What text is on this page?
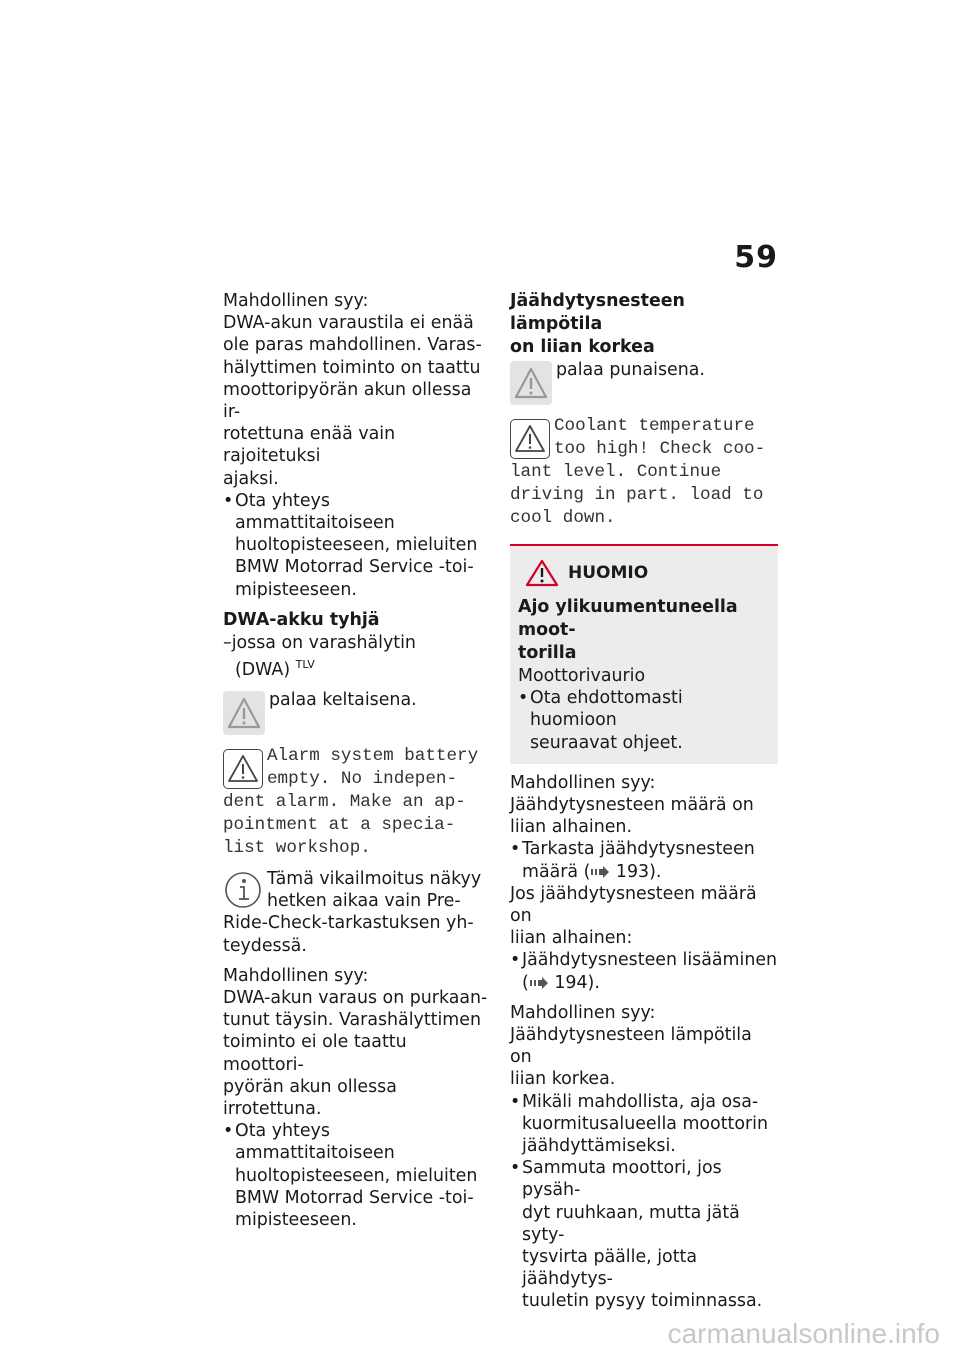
59

Mahdollinen syy:

DWA-akun varaustila ei enää

ole paras mahdollinen. Varas-

hälyttimen toiminto on taattu

moottoripyörän akun ollessa ir-

rotettuna enää vain rajoitetuksi

ajaksi.

• Ota yhteys ammattitaitoiseen

huoltopisteeseen, mieluiten

BMW Motorrad Service -toi-

mipisteeseen.

DWA-akku tyhjä

–jossa on varashälytin

(DWA) $^{TLV}$

palaa keltaisena.

Alarm system battery

empty. No indepen-

dent alarm. Make an ap-

pointment at a specia-

list workshop.

Tämä vikailmoitus näkyy

hetken aikaa vain Pre-

Ride-Check-tarkastuksen yh-

teydessä.

Mahdollinen syy:

DWA-akun varaus on purkaan-

tunut täysin. Varashälyttimen

toiminto ei ole taattu moottori-

pyörän akun ollessa irrotettuna.

• Ota yhteys ammattitaitoiseen

huoltopisteeseen, mieluiten

BMW Motorrad Service -toi-

mipisteeseen.

Jäähdytysnesteen lämpötila

on liian korkea

palaa punaisena.

Coolant temperature

too high! Check coo-

lant level. Continue

driving in part. load to

cool down.

HUOMIO

Ajo ylikuumentuneella moot-

torilla

Moottorivaurio

• Ota ehdottomasti huomioon

seuraavat ohjeet.

Mahdollinen syy:

Jäähdytysnesteen määrä on

liian alhainen.

• Tarkasta jäähdytysnesteen

määrä ( 193).

Jos jäähdytysnesteen määrä on

liian alhainen:

• Jäähdytysnesteen lisääminen

( 194).

Mahdollinen syy:

Jäähdytysnesteen lämpötila on

liian korkea.

• Mikäli mahdollista, aja osa-

kuormitusalueella moottorin

jäähdyttämiseksi.

• Sammuta moottori, jos pysäh-

dyt ruuhkaan, mutta jätä syty-

tysvirta päälle, jotta jäähdytys-

tuuletin pysyy toiminnassa.

carmanualsonline.info
